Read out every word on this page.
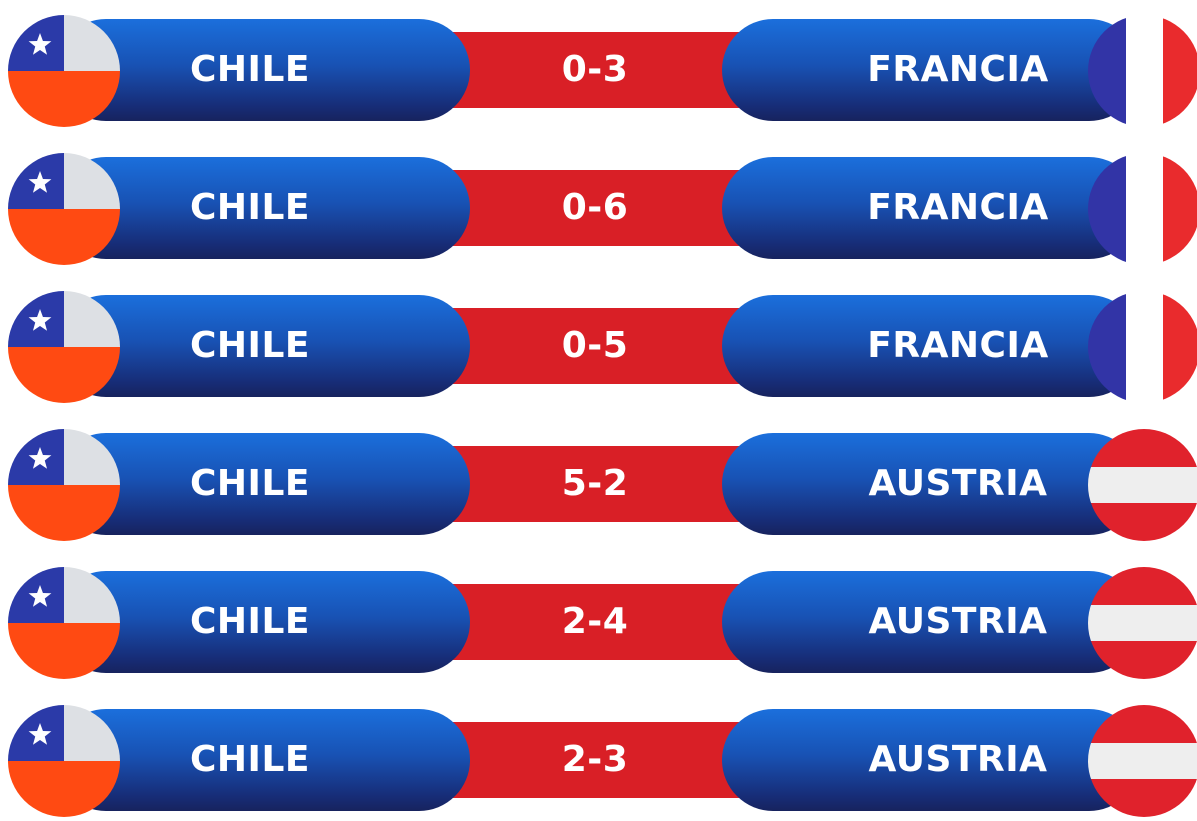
CHILE	0-3	FRANCIA
CHILE	0-6	FRANCIA
CHILE	0-5	FRANCIA
CHILE	5-2	AUSTRIA
CHILE	2-4	AUSTRIA
CHILE	2-3	AUSTRIA
